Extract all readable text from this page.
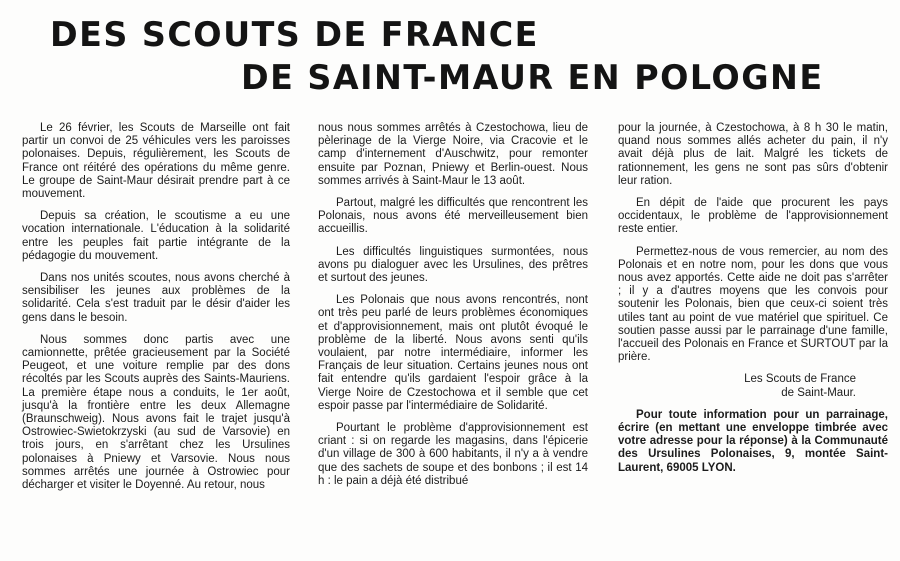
DES SCOUTS DE FRANCE
DE SAINT-MAUR EN POLOGNE

Le 26 février, les Scouts de Marseille ont fait partir un convoi de 25 véhicules vers les paroisses polonaises. Depuis, régulièrement, les Scouts de France ont réitéré des opérations du même genre. Le groupe de Saint-Maur désirait prendre part à ce mouvement.

Depuis sa création, le scoutisme a eu une vocation internationale. L'éducation à la solidarité entre les peuples fait partie intégrante de la pédagogie du mouvement.

Dans nos unités scoutes, nous avons cherché à sensibiliser les jeunes aux problèmes de la solidarité. Cela s'est traduit par le désir d'aider les gens dans le besoin.

Nous sommes donc partis avec une camionnette, prêtée gracieusement par la Société Peugeot, et une voiture remplie par des dons récoltés par les Scouts auprès des Saints-Mauriens. La première étape nous a conduits, le 1er août, jusqu'à la frontière entre les deux Allemagne (Braunschweig). Nous avons fait le trajet jusqu'à Ostrowiec-Swietokrzyski (au sud de Varsovie) en trois jours, en s'arrêtant chez les Ursulines polonaises à Pniewy et Varsovie. Nous nous sommes arrêtés une journée à Ostrowiec pour décharger et visiter le Doyenné. Au retour, nous

nous nous sommes arrêtés à Czestochowa, lieu de pèlerinage de la Vierge Noire, via Cracovie et le camp d'internement d'Auschwitz, pour remonter ensuite par Poznan, Pniewy et Berlin-ouest. Nous sommes arrivés à Saint-Maur le 13 août.

Partout, malgré les difficultés que rencontrent les Polonais, nous avons été merveilleusement bien accueillis.

Les difficultés linguistiques surmontées, nous avons pu dialoguer avec les Ursulines, des prêtres et surtout des jeunes.

Les Polonais que nous avons rencontrés, nont ont très peu parlé de leurs problèmes économiques et d'approvisionnement, mais ont plutôt évoqué le problème de la liberté. Nous avons senti qu'ils voulaient, par notre intermédiaire, informer les Français de leur situation. Certains jeunes nous ont fait entendre qu'ils gardaient l'espoir grâce à la Vierge Noire de Czestochowa et il semble que cet espoir passe par l'intermédiaire de Solidarité.

Pourtant le problème d'approvisionnement est criant : si on regarde les magasins, dans l'épicerie d'un village de 300 à 600 habitants, il n'y a à vendre que des sachets de soupe et des bonbons ; il est 14 h : le pain a déjà été distribué

pour la journée, à Czestochowa, à 8 h 30 le matin, quand nous sommes allés acheter du pain, il n'y avait déjà plus de lait. Malgré les tickets de rationnement, les gens ne sont pas sûrs d'obtenir leur ration.

En dépit de l'aide que procurent les pays occidentaux, le problème de l'approvisionnement reste entier.

Permettez-nous de vous remercier, au nom des Polonais et en notre nom, pour les dons que vous nous avez apportés. Cette aide ne doit pas s'arrêter ; il y a d'autres moyens que les convois pour soutenir les Polonais, bien que ceux-ci soient très utiles tant au point de vue matériel que spirituel. Ce soutien passe aussi par le parrainage d'une famille, l'accueil des Polonais en France et SURTOUT par la prière.

Les Scouts de France
de Saint-Maur.

Pour toute information pour un parrainage, écrire (en mettant une enveloppe timbrée avec votre adresse pour la réponse) à la Communauté des Ursulines Polonaises, 9, montée Saint-Laurent, 69005 LYON.
